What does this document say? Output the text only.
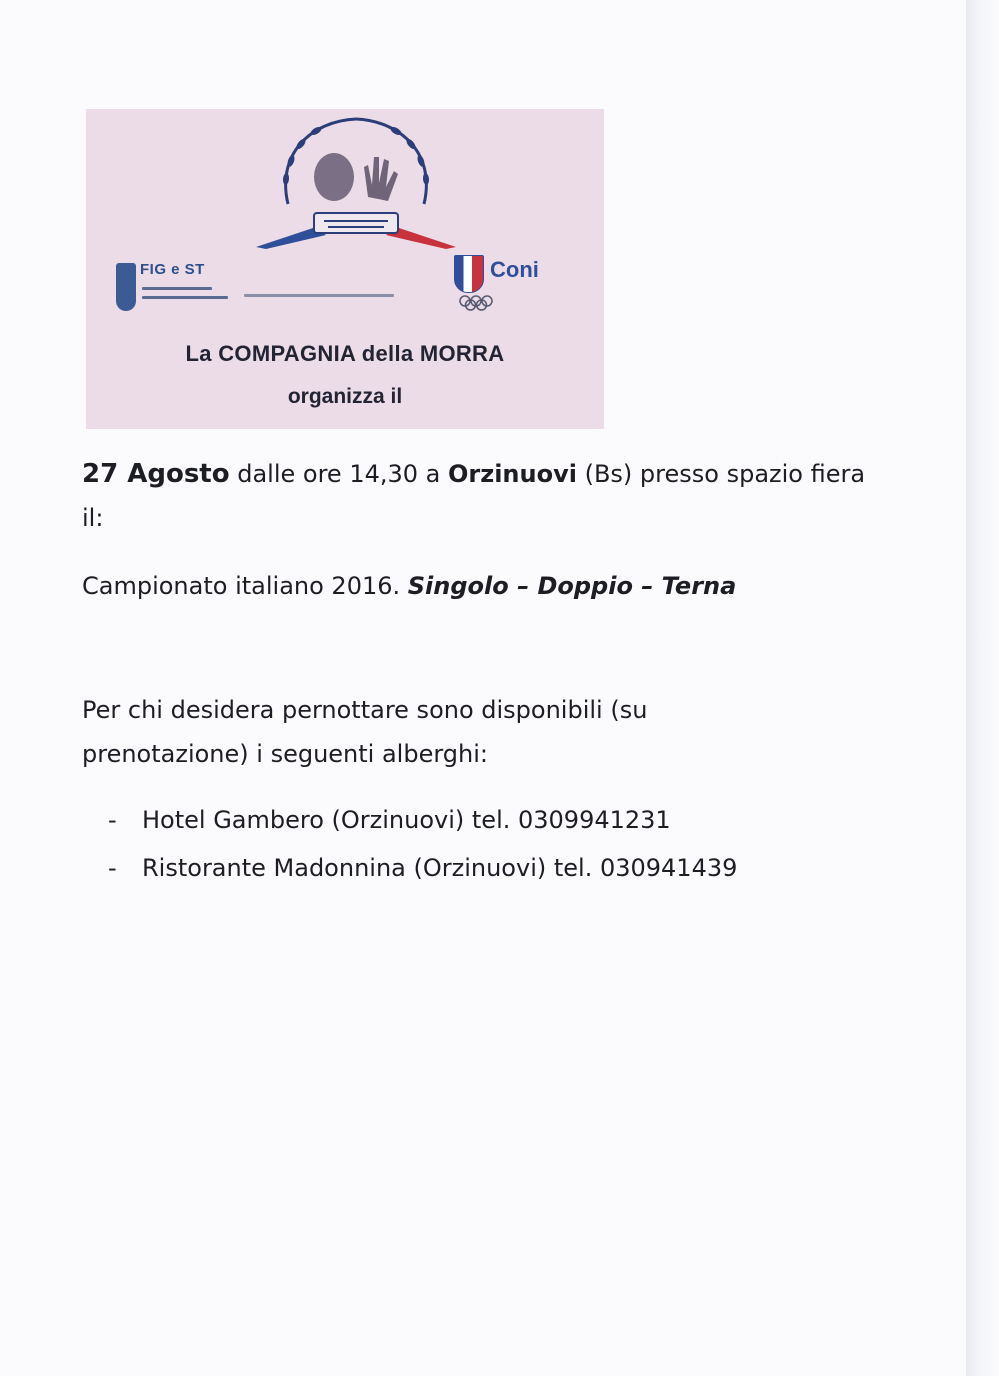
FIG e ST	Coni
La COMPAGNIA della MORRA
organizza il

27 Agosto dalle ore 14,30 a Orzinuovi (Bs) presso spazio fiera il:

Campionato italiano 2016. Singolo – Doppio – Terna

Per chi desidera pernottare sono disponibili (su prenotazione) i seguenti alberghi:

- Hotel Gambero (Orzinuovi) tel. 0309941231
- Ristorante Madonnina (Orzinuovi) tel. 030941439
